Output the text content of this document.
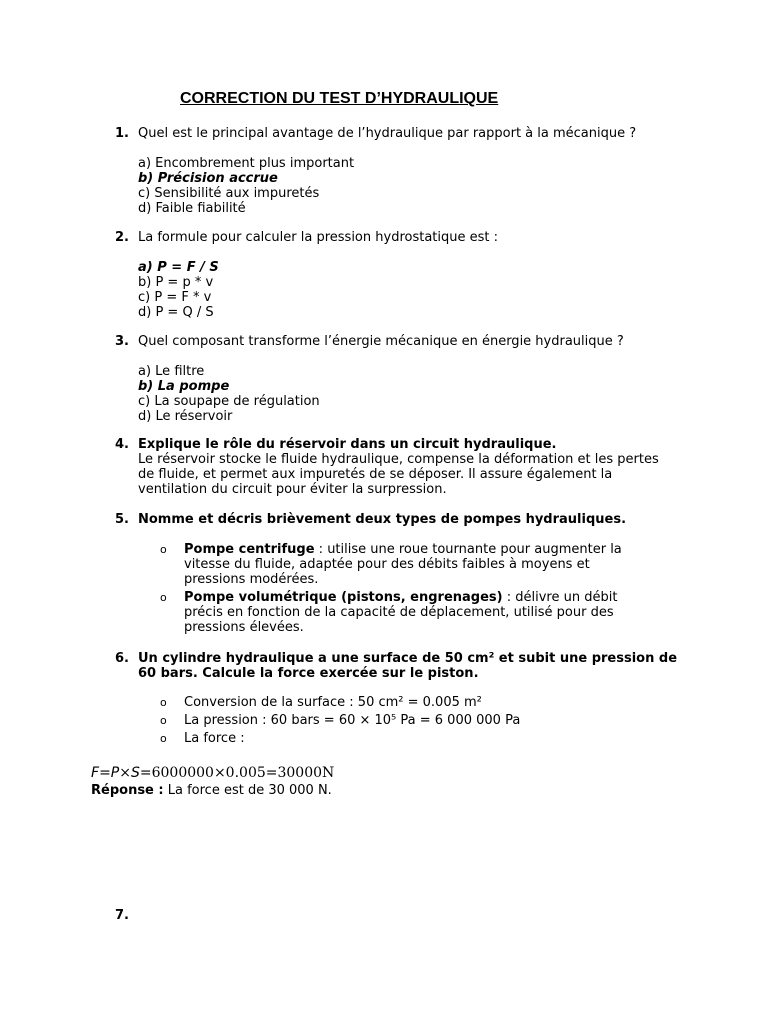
CORRECTION DU TEST D’HYDRAULIQUE
1. Quel est le principal avantage de l’hydraulique par rapport à la mécanique ?
a) Encombrement plus important
b) Précision accrue
c) Sensibilité aux impuretés
d) Faible fiabilité
2. La formule pour calculer la pression hydrostatique est :
a) P = F / S
b) P = p * v
c) P = F * v
d) P = Q / S
3. Quel composant transforme l’énergie mécanique en énergie hydraulique ?
a) Le filtre
b) La pompe
c) La soupape de régulation
d) Le réservoir
4. Explique le rôle du réservoir dans un circuit hydraulique.
Le réservoir stocke le fluide hydraulique, compense la déformation et les pertes de fluide, et permet aux impuretés de se déposer. Il assure également la ventilation du circuit pour éviter la surpression.
5. Nomme et décris brièvement deux types de pompes hydrauliques.
o Pompe centrifuge : utilise une roue tournante pour augmenter la vitesse du fluide, adaptée pour des débits faibles à moyens et pressions modérées.
o Pompe volumétrique (pistons, engrenages) : délivre un débit précis en fonction de la capacité de déplacement, utilisé pour des pressions élevées.
6. Un cylindre hydraulique a une surface de 50 cm² et subit une pression de 60 bars. Calcule la force exercée sur le piston.
o Conversion de la surface : 50 cm² = 0.005 m²
o La pression : 60 bars = 60 × 10⁵ Pa = 6 000 000 Pa
o La force :
F=P×S=6000000×0.005=30000N
Réponse : La force est de 30 000 N.
7.
